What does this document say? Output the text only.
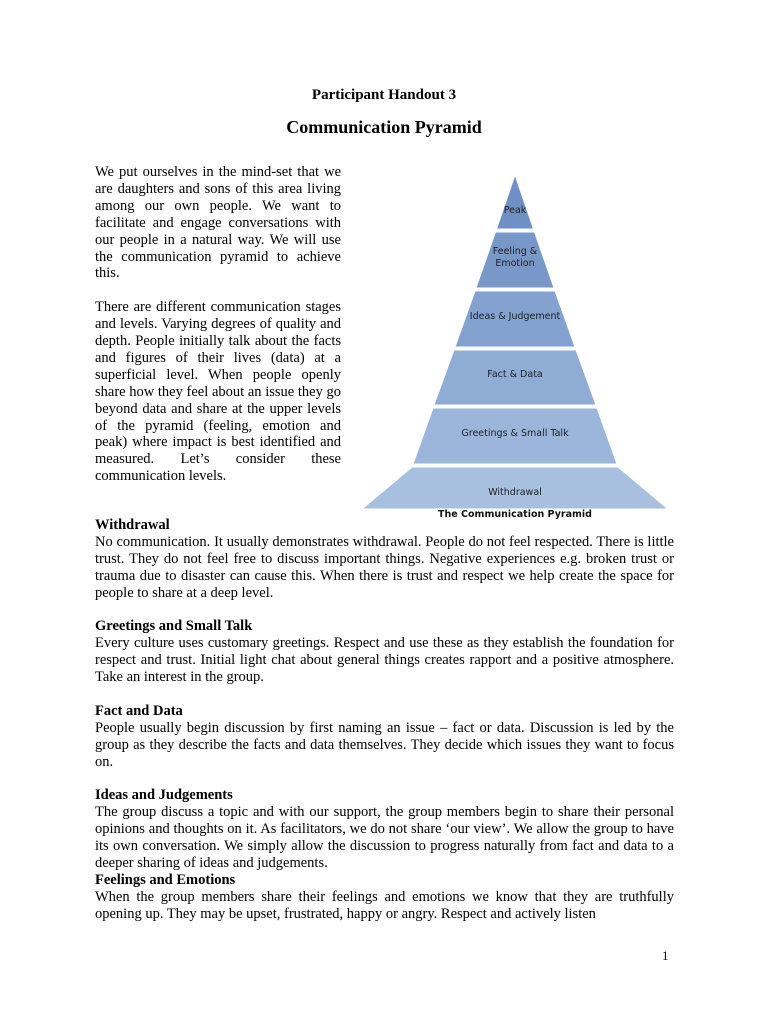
Participant Handout 3
Communication Pyramid

We put ourselves in the mind-set that we are daughters and sons of this area living among our own people. We want to facilitate and engage conversations with our people in a natural way. We will use the communication pyramid to achieve this.

There are different communication stages and levels. Varying degrees of quality and depth. People initially talk about the facts and figures of their lives (data) at a superficial level. When people openly share how they feel about an issue they go beyond data and share at the upper levels of the pyramid (feeling, emotion and peak) where impact is best identified and measured. Let’s consider these communication levels.

Peak
Feeling & Emotion
Ideas & Judgement
Fact & Data
Greetings & Small Talk
Withdrawal
The Communication Pyramid
Withdrawal

No communication. It usually demonstrates withdrawal. People do not feel respected. There is little trust. They do not feel free to discuss important things. Negative experiences e.g. broken trust or trauma due to disaster can cause this. When there is trust and respect we help create the space for people to share at a deep level.

Greetings and Small Talk

Every culture uses customary greetings. Respect and use these as they establish the foundation for respect and trust. Initial light chat about general things creates rapport and a positive atmosphere. Take an interest in the group.

Fact and Data

People usually begin discussion by first naming an issue – fact or data. Discussion is led by the group as they describe the facts and data themselves. They decide which issues they want to focus on.

Ideas and Judgements

The group discuss a topic and with our support, the group members begin to share their personal opinions and thoughts on it. As facilitators, we do not share ‘our view’. We allow the group to have its own conversation. We simply allow the discussion to progress naturally from fact and data to a deeper sharing of ideas and judgements.

Feelings and Emotions

When the group members share their feelings and emotions we know that they are truthfully opening up. They may be upset, frustrated, happy or angry. Respect and actively listen

1
